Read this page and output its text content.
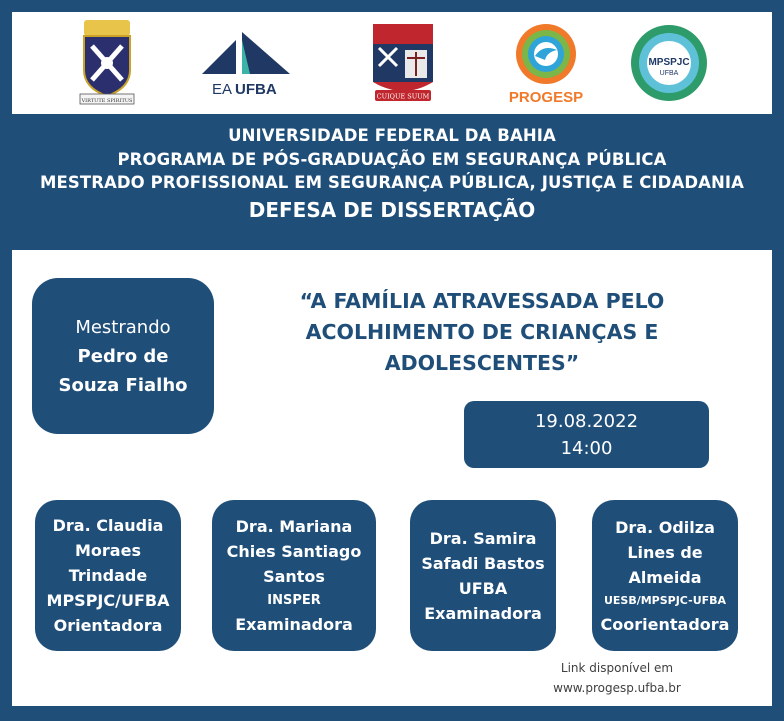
VIRTUTE SPIRITUS
EA UFBA	CUIQUE SUUM	PROGESP
MPSPJC
UFBA
UNIVERSIDADE FEDERAL DA BAHIA
PROGRAMA DE PÓS-GRADUAÇÃO EM SEGURANÇA PÚBLICA
MESTRADO PROFISSIONAL EM SEGURANÇA PÚBLICA, JUSTIÇA E CIDADANIA
DEFESA DE DISSERTAÇÃO
Mestrando
Pedro de
Souza Fialho
“A FAMÍLIA ATRAVESSADA PELO
ACOLHIMENTO DE CRIANÇAS E
ADOLESCENTES”
19.08.2022
14:00
Dra. Claudia
Moraes
Trindade
MPSPJC/UFBA
Orientadora
Dra. Mariana
Chies Santiago
Santos
INSPER
Examinadora
Dra. Samira
Safadi Bastos
UFBA
Examinadora
Dra. Odilza
Lines de
Almeida
UESB/MPSPJC-UFBA
Coorientadora
Link disponível em
www.progesp.ufba.br
